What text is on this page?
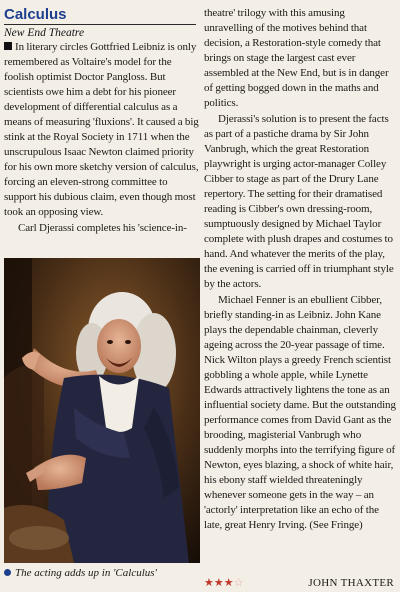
Calculus
New End Theatre

In literary circles Gottfried Leibniz is only remembered as Voltaire's model for the foolish optimist Doctor Pangloss. But scientists owe him a debt for his pioneer development of differential calculus as a means of measuring 'fluxions'. It caused a big stink at the Royal Society in 1711 when the unscrupulous Isaac Newton claimed priority for his own more sketchy version of calculus, forcing an eleven-strong committee to support his dubious claim, even though most took an opposing view.

Carl Djerassi completes his 'science-in-

The acting adds up in 'Calculus'

theatre' trilogy with this amusing unravelling of the motives behind that decision, a Restoration-style comedy that brings on stage the largest cast ever assembled at the New End, but is in danger of getting bogged down in the maths and politics.

Djerassi's solution is to present the facts as part of a pastiche drama by Sir John Vanbrugh, which the great Restoration playwright is urging actor-manager Colley Cibber to stage as part of the Drury Lane repertory. The setting for their dramatised reading is Cibber's own dressing-room, sumptuously designed by Michael Taylor complete with plush drapes and costumes to hand. And whatever the merits of the play, the evening is carried off in triumphant style by the actors.

Michael Fenner is an ebullient Cibber, briefly standing-in as Leibniz. John Kane plays the dependable chainman, cleverly ageing across the 20-year passage of time. Nick Wilton plays a greedy French scientist gobbling a whole apple, while Lynette Edwards attractively lightens the tone as an influential society dame. But the outstanding performance comes from David Gant as the brooding, magisterial Vanbrugh who suddenly morphs into the terrifying figure of Newton, eyes blazing, a shock of white hair, his ebony staff wielded threateningly whenever someone gets in the way – an 'actorly' interpretation like an echo of the late, great Henry Irving. (See Fringe)

★★★☆	JOHN THAXTER
